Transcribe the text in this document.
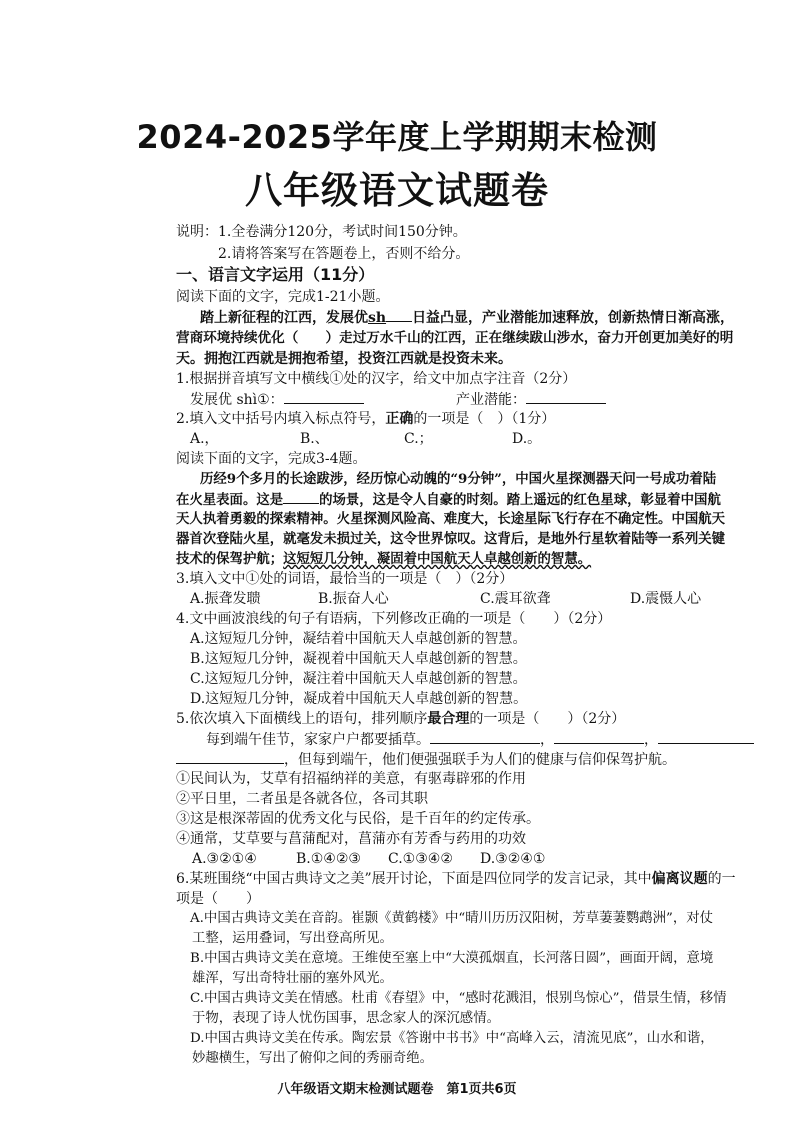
2024-2025学年度上学期期末检测
八年级语文试题卷
说明：1.全卷满分120分，考试时间150分钟。
2.请将答案写在答题卷上，否则不给分。
一、语言文字运用（11分）
阅读下面的文字，完成1-21小题。
踏上新征程的江西，发展优sh 日益凸显，产业潜能加速释放，创新热情日渐高涨，
营商环境持续优化（　　）走过万水千山的江西，正在继续跋山涉水，奋力开创更加美好的明
天。拥抱江西就是拥抱希望，投资江西就是投资未来。
1.根据拼音填写文中横线①处的汉字，给文中加点字注音（2分）
发展优 shì①：	产业潜能：
2.填入文中括号内填入标点符号，正确的一项是（　）（1分）
A.，	B.、	C.；	D.。
阅读下面的文字，完成3-4题。
历经9个多月的长途跋涉，经历惊心动魄的“9分钟”，中国火星探测器天问一号成功着陆
在火星表面。这是	的场景，这是令人自豪的时刻。踏上遥远的红色星球，彰显着中国航
天人执着勇毅的探索精神。火星探测风险高、难度大，长途星际飞行存在不确定性。中国航天
器首次登陆火星，就毫发未损过关，这令世界惊叹。这背后，是地外行星软着陆等一系列关键
技术的保驾护航；这短短几分钟，凝固着中国航天人卓越创新的智慧。
3.填入文中①处的词语，最恰当的一项是（　）（2分）
A.振聋发聩	B.振奋人心	C.震耳欲聋	D.震慑人心
4.文中画波浪线的句子有语病，下列修改正确的一项是（　　）（2分）
A.这短短几分钟，凝结着中国航天人卓越创新的智慧。
B.这短短几分钟，凝视着中国航天人卓越创新的智慧。
C.这短短几分钟，凝注着中国航天人卓越创新的智慧。
D.这短短几分钟，凝成着中国航天人卓越创新的智慧。
5.依次填入下面横线上的语句，排列顺序最合理的一项是（　　）（2分）
每到端午佳节，家家户户都要插草。	，	，
，但每到端午，他们便强强联手为人们的健康与信仰保驾护航。
①民间认为，艾草有招福纳祥的美意，有驱毒辟邪的作用
②平日里，二者虽是各就各位，各司其职
③这是根深蒂固的优秀文化与民俗，是千百年的约定传承。
④通常，艾草要与菖蒲配对，菖蒲亦有芳香与药用的功效
A.③②①④	B.①④②③ C.①③④② D.③②④①
6.某班围绕“中国古典诗文之美”展开讨论，下面是四位同学的发言记录，其中偏离议题的一
项是（　　）
A.中国古典诗文美在音韵。崔颢《黄鹤楼》中“晴川历历汉阳树，芳草萋萋鹦鹉洲”，对仗
工整，运用叠词，写出登高所见。
B.中国古典诗文美在意境。王维使至塞上中“大漠孤烟直，长河落日圆”，画面开阔，意境
雄浑，写出奇特壮丽的塞外风光。
C.中国古典诗文美在情感。杜甫《春望》中，“感时花溅泪，恨别鸟惊心”，借景生情，移情
于物，表现了诗人忧伤国事，思念家人的深沉感情。
D.中国古典诗文美在传承。陶宏景《答谢中书书》中“高峰入云，清流见底”，山水和谐，
妙趣横生，写出了俯仰之间的秀丽奇绝。
八年级语文期末检测试题卷　第1页共6页
